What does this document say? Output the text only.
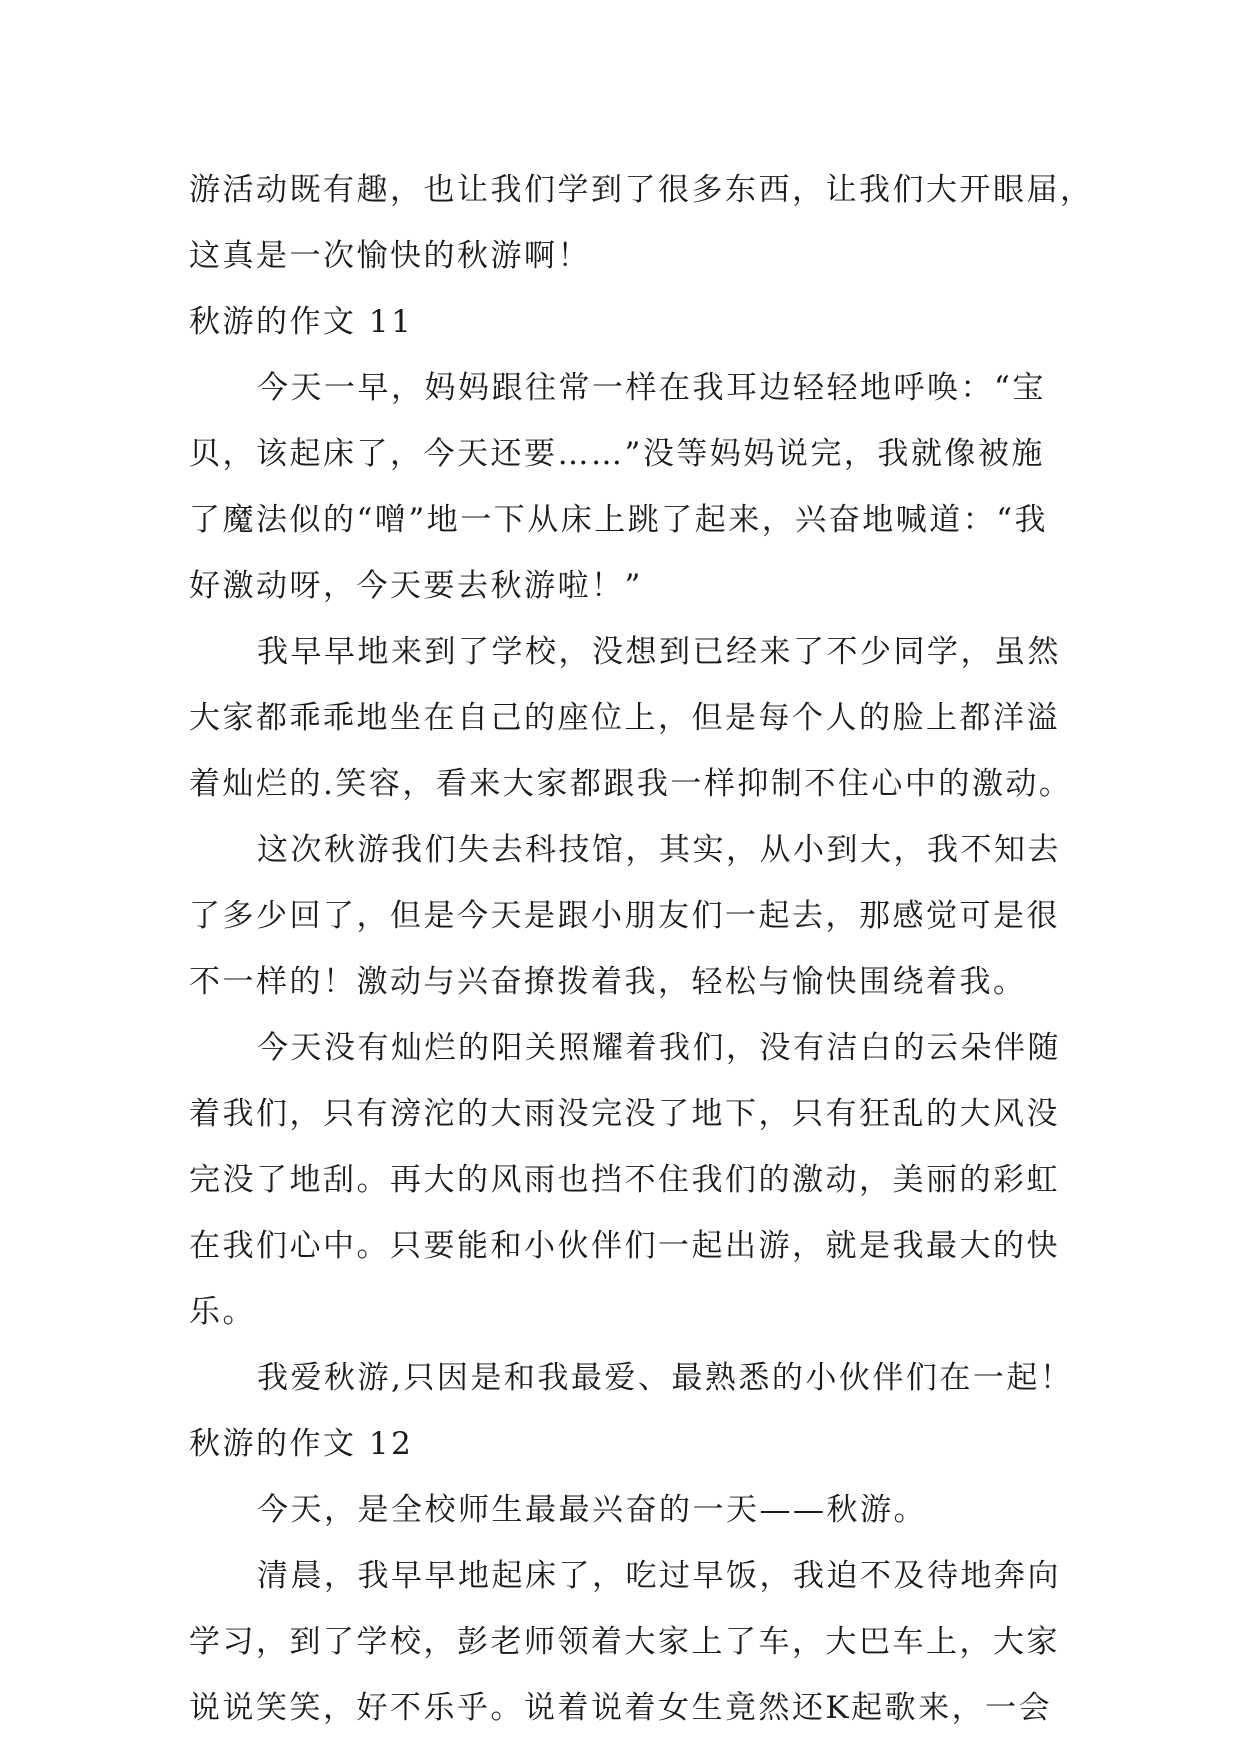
游活动既有趣，也让我们学到了很多东西，让我们大开眼届，
这真是一次愉快的秋游啊！
秋游的作文 11
今天一早，妈妈跟往常一样在我耳边轻轻地呼唤：“宝
贝，该起床了，今天还要……”没等妈妈说完，我就像被施
了魔法似的“噌”地一下从床上跳了起来，兴奋地喊道：“我
好激动呀，今天要去秋游啦！”
我早早地来到了学校，没想到已经来了不少同学，虽然
大家都乖乖地坐在自己的座位上，但是每个人的脸上都洋溢
着灿烂的.笑容，看来大家都跟我一样抑制不住心中的激动。
这次秋游我们失去科技馆，其实，从小到大，我不知去
了多少回了，但是今天是跟小朋友们一起去，那感觉可是很
不一样的！激动与兴奋撩拨着我，轻松与愉快围绕着我。
今天没有灿烂的阳关照耀着我们，没有洁白的云朵伴随
着我们，只有滂沱的大雨没完没了地下，只有狂乱的大风没
完没了地刮。再大的风雨也挡不住我们的激动，美丽的彩虹
在我们心中。只要能和小伙伴们一起出游，就是我最大的快
乐。
我爱秋游,只因是和我最爱、最熟悉的小伙伴们在一起！
秋游的作文 12
今天，是全校师生最最兴奋的一天——秋游。
清晨，我早早地起床了，吃过早饭，我迫不及待地奔向
学习，到了学校，彭老师领着大家上了车，大巴车上，大家
说说笑笑，好不乐乎。说着说着女生竟然还K起歌来，一会
